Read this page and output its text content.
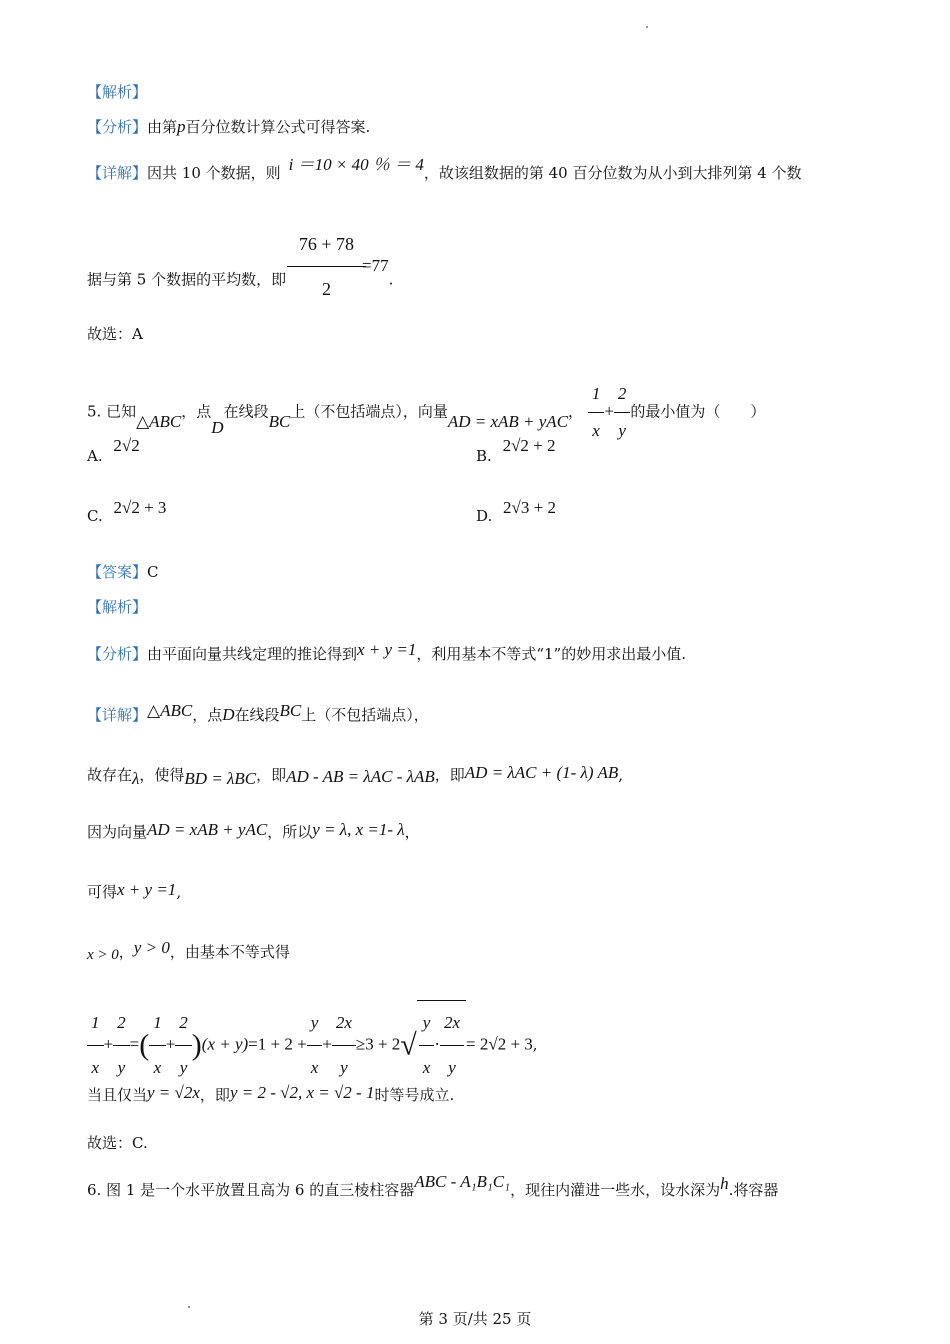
【解析】
【分析】由第p百分位数计算公式可得答案.
【详解】因共 10 个数据，则 i ＝10 × 40 ％ ＝ 4，故该组数据的第 40 百分位数为从小到大排列第 4 个数
据与第 5 个数据的平均数，即 $\frac{76 + 78}{2} =77$.
故选：A
5. 已知△ABC，点D在线段BC上（不包括端点），向量AD = xAB + yAC， $\frac{1}{x} + \frac{2}{y}$ 的最小值为（　　）
A. 2√2
B. 2√2 + 2
C. 2√2 + 3	D. 2√3 + 2
【答案】C
【解析】
【分析】由平面向量共线定理的推论得到x + y =1，利用基本不等式“1”的妙用求出最小值.
【详解】△ABC，点D在线段BC上（不包括端点），
故存在λ，使得BD = λBC，即AD - AB = λAC - λAB，即AD = λAC + (1- λ) AB,
因为向量AD = xAB + yAC，所以y = λ, x =1- λ，
可得x + y =1,
x > 0，y > 0，由基本不等式得
$\frac{1}{x} + \frac{2}{y}$ =( $\frac{1}{x} + \frac{2}{y} )(x + y)=1 + 2 + \frac{y}{x} + \frac{2x}{y} \ge 3 + 2√ \frac{y}{x} \cdot \frac{2x}{y} = 2√2 + 3$,
当且仅当y = √2x，即y = 2 - √2, x = √2 - 1时等号成立.
故选：C.
6. 图 1 是一个水平放置且高为 6 的直三棱柱容器ABC - A₁B₁C₁，现往内灌进一些水，设水深为h.将容器
第 3 页/共 25 页
